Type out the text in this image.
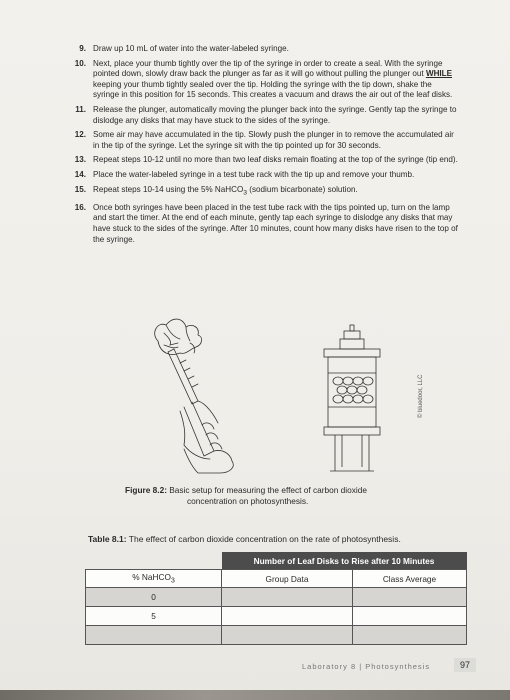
9. Draw up 10 mL of water into the water-labeled syringe.
10. Next, place your thumb tightly over the tip of the syringe in order to create a seal. With the syringe pointed down, slowly draw back the plunger as far as it will go without pulling the plunger out WHILE keeping your thumb tightly sealed over the tip. Holding the syringe with the tip down, shake the syringe in this position for 15 seconds. This creates a vacuum and draws the air out of the leaf disks.
11. Release the plunger, automatically moving the plunger back into the syringe. Gently tap the syringe to dislodge any disks that may have stuck to the sides of the syringe.
12. Some air may have accumulated in the tip. Slowly push the plunger in to remove the accumulated air in the tip of the syringe. Let the syringe sit with the tip pointed up for 30 seconds.
13. Repeat steps 10-12 until no more than two leaf disks remain floating at the top of the syringe (tip end).
14. Place the water-labeled syringe in a test tube rack with the tip up and remove your thumb.
15. Repeat steps 10-14 using the 5% NaHCO$_3$ (sodium bicarbonate) solution.
16. Once both syringes have been placed in the test tube rack with the tips pointed up, turn on the lamp and start the timer. At the end of each minute, gently tap each syringe to dislodge any disks that may have stuck to the sides of the syringe. After 10 minutes, count how many disks have risen to the top of the syringe.
© bluedoor, LLC
Figure 8.2: Basic setup for measuring the effect of carbon dioxide
concentration on photosynthesis.
Table 8.1: The effect of carbon dioxide concentration on the rate of photosynthesis.
	Number of Leaf Disks to Rise after 10 Minutes	
% NaHCO$_3$	Group Data	Class Average
0		
5		

Laboratory 8 | Photosynthesis	97
